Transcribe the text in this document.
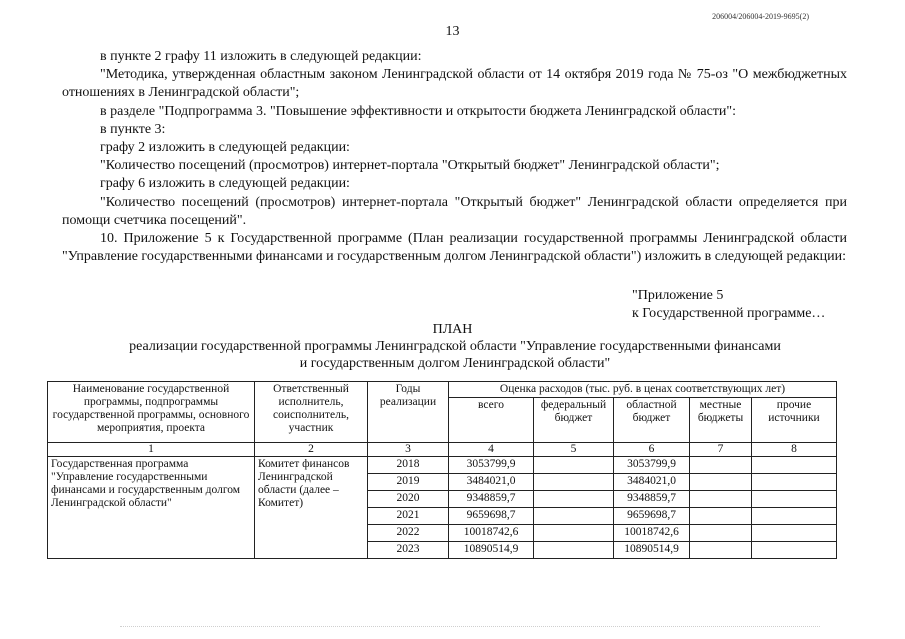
206004/206004-2019-9695(2)
13

в пункте 2 графу 11 изложить в следующей редакции:

"Методика, утвержденная областным законом Ленинградской области от 14 октября 2019 года № 75-оз "О межбюджетных отношениях в Ленинградской области";

в разделе "Подпрограмма 3. "Повышение эффективности и открытости бюджета Ленинградской области":

в пункте 3:

графу 2 изложить в следующей редакции:

"Количество посещений (просмотров) интернет-портала "Открытый бюджет" Ленинградской области";

графу 6 изложить в следующей редакции:

"Количество посещений (просмотров) интернет-портала "Открытый бюджет" Ленинградской области определяется при помощи счетчика посещений".

10. Приложение 5 к Государственной программе (План реализации государственной программы Ленинградской области "Управление государственными финансами и государственным долгом Ленинградской области") изложить в следующей редакции:

"Приложение 5
к Государственной программе…
ПЛАН
реализации государственной программы Ленинградской области "Управление государственными финансами
и государственным долгом Ленинградской области"
Наименование государственной программы, подпрограммы государственной программы, основного мероприятия, проекта	Ответственный исполнитель, соисполнитель, участник	Годы реализации	Оценка расходов (тыс. руб. в ценах соответствующих лет)				
			всего	федеральный бюджет	областной бюджет	местные бюджеты	прочие источники
1	2	3	4	5	6	7	8
Государственная программа "Управление государственными финансами и государственным долгом Ленинградской области"	Комитет финансов Ленинградской области (далее – Комитет)	2018	3053799,9		3053799,9		
		2019	3484021,0		3484021,0		
		2020	9348859,7		9348859,7		
		2021	9659698,7		9659698,7		
		2022	10018742,6		10018742,6		
		2023	10890514,9		10890514,9		
